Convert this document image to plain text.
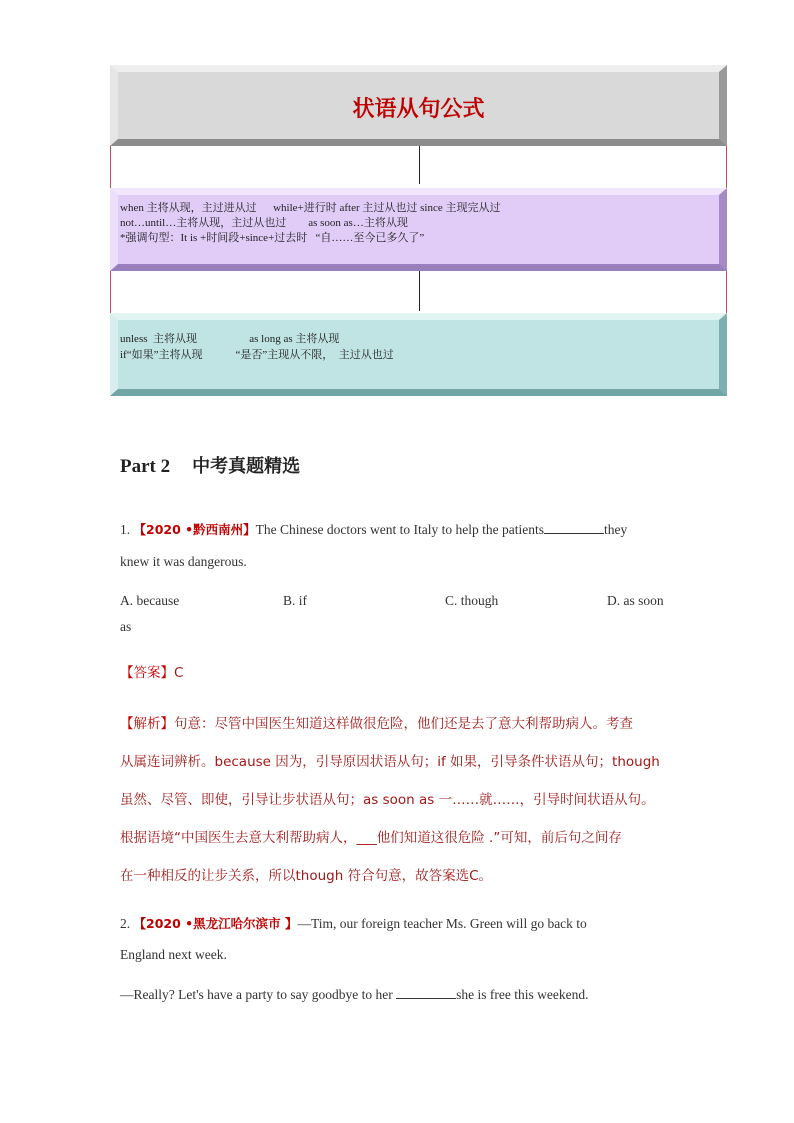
状语从句公式
when 主将从现，主过进从过      while+进行时 after 主过从也过 since 主现完从过
not…until…主将从现，主过从也过        as soon as…主将从现
*强调句型：It is +时间段+since+过去时   “自……至今已多久了”
unless  主将从现                   as long as 主将从现
if“如果”主将从现            “是否”主现从不限，  主过从也过
Part 2 中考真题精选
1. 【2020 •黔西南州】The Chinese doctors went to Italy to help the patients	they
knew it was dangerous.
A. because	B. if	C. though	D. as soon
as
【答案】C
【解析】句意：尽管中国医生知道这样做很危险，他们还是去了意大利帮助病人。考查
从属连词辨析。because 因为，引导原因状语从句；if 如果，引导条件状语从句；though
虽然、尽管、即使，引导让步状语从句；as soon as 一……就……，引导时间状语从句。
根据语境“中国医生去意大利帮助病人，___他们知道这很危险 .”可知，前后句之间存
在一种相反的让步关系，所以though 符合句意，故答案选C。
2. 【2020 •黑龙江哈尔滨市 】—Tim, our foreign teacher Ms. Green will go back to
England next week.
—Really? Let's have a party to say goodbye to her	she is free this weekend.
